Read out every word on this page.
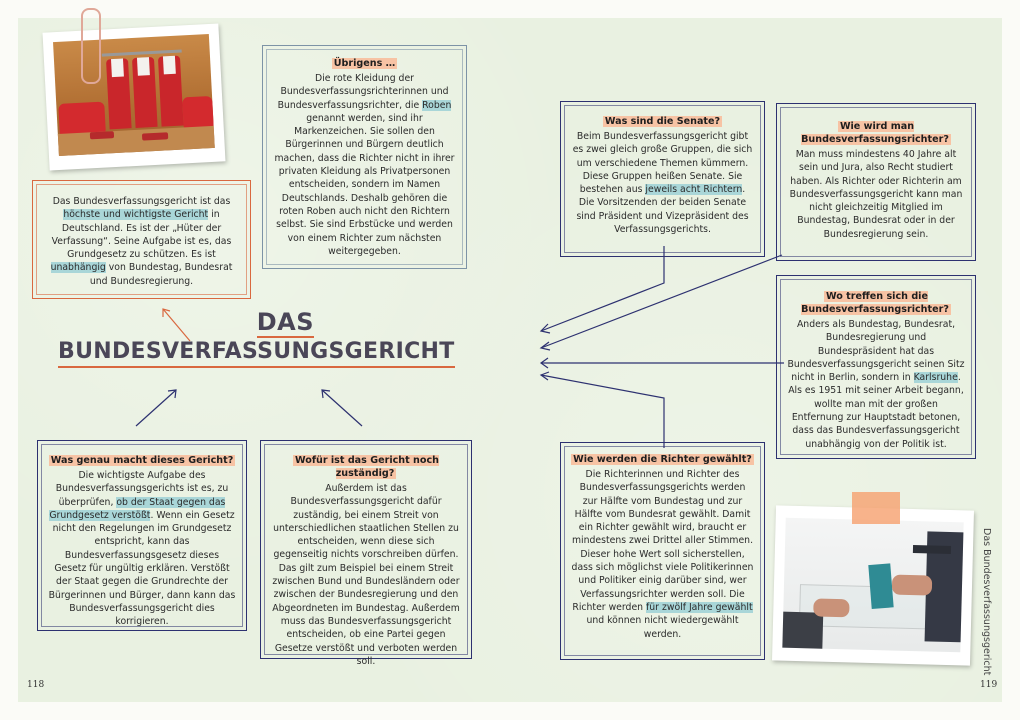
Das Bundesverfassungsgericht ist das höchste und wichtigste Gericht in Deutschland. Es ist der „Hüter der Verfassung“. Seine Aufgabe ist es, das Grundgesetz zu schützen. Es ist unabhängig von Bundestag, Bundesrat und Bundesregierung.

Übrigens …

Die rote Kleidung der Bundesverfassungsrichterinnen und Bundesverfassungsrichter, die Roben genannt werden, sind ihr Markenzeichen. Sie sollen den Bürgerinnen und Bürgern deutlich machen, dass die Richter nicht in ihrer privaten Kleidung als Privatpersonen entscheiden, sondern im Namen Deutschlands. Deshalb gehören die roten Roben auch nicht den Richtern selbst. Sie sind Erbstücke und werden von einem Richter zum nächsten weitergegeben.

Was sind die Senate?

Beim Bundesverfassungsgericht gibt es zwei gleich große Gruppen, die sich um verschiedene Themen kümmern. Diese Gruppen heißen Senate. Sie bestehen aus jeweils acht Richtern. Die Vorsitzenden der beiden Senate sind Präsident und Vizepräsident des Verfassungsgerichts.

Wie wird man Bundesverfassungsrichter?

Man muss mindestens 40 Jahre alt sein und Jura, also Recht studiert haben. Als Richter oder Richterin am Bundesverfassungsgericht kann man nicht gleichzeitig Mitglied im Bundestag, Bundesrat oder in der Bundesregierung sein.

Wo treffen sich die Bundesverfassungsrichter?

Anders als Bundestag, Bundesrat, Bundesregierung und Bundespräsident hat das Bundesverfassungsgericht seinen Sitz nicht in Berlin, sondern in Karlsruhe. Als es 1951 mit seiner Arbeit begann, wollte man mit der großen Entfernung zur Hauptstadt betonen, dass das Bundesverfassungsgericht unabhängig von der Politik ist.

DAS
BUNDESVERFASSUNGSGERICHT
Was genau macht dieses Gericht?

Die wichtigste Aufgabe des Bundesverfassungsgerichts ist es, zu überprüfen, ob der Staat gegen das Grundgesetz verstößt. Wenn ein Gesetz nicht den Regelungen im Grundgesetz entspricht, kann das Bundesverfassungsgesetz dieses Gesetz für ungültig erklären. Verstößt der Staat gegen die Grundrechte der Bürgerinnen und Bürger, dann kann das Bundesverfassungsgericht dies korrigieren.

Wofür ist das Gericht noch zuständig?

Außerdem ist das Bundesverfassungsgericht dafür zuständig, bei einem Streit von unterschiedlichen staatlichen Stellen zu entscheiden, wenn diese sich gegenseitig nichts vorschreiben dürfen. Das gilt zum Beispiel bei einem Streit zwischen Bund und Bundesländern oder zwischen der Bundesregierung und den Abgeordneten im Bundestag. Außerdem muss das Bundesverfassungsgericht entscheiden, ob eine Partei gegen Gesetze verstößt und verboten werden soll.

Wie werden die Richter gewählt?

Die Richterinnen und Richter des Bundesverfassungsgerichts werden zur Hälfte vom Bundestag und zur Hälfte vom Bundesrat gewählt. Damit ein Richter gewählt wird, braucht er mindestens zwei Drittel aller Stimmen. Dieser hohe Wert soll sicherstellen, dass sich möglichst viele Politikerinnen und Politiker einig darüber sind, wer Verfassungsrichter werden soll. Die Richter werden für zwölf Jahre gewählt und können nicht wiedergewählt werden.

118	119
Das Bundesverfassungsgericht
